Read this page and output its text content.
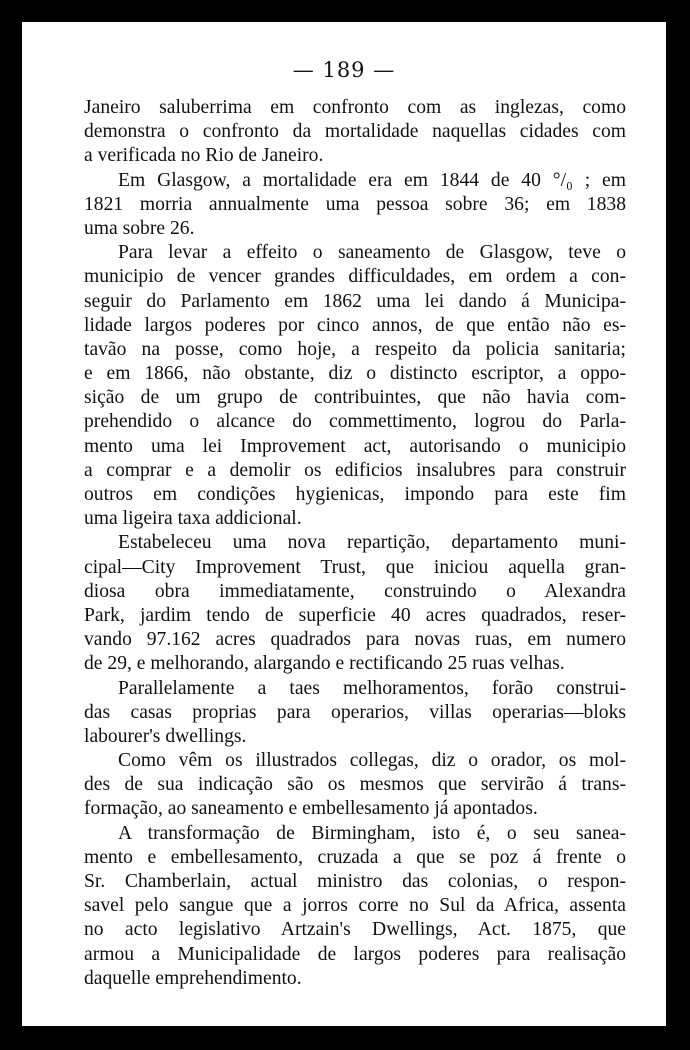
— 189 —
Janeiro saluberrima em confronto com as inglezas, como
demonstra o confronto da mortalidade naquellas cidades com
a verificada no Rio de Janeiro.
Em Glasgow, a mortalidade era em 1844 de 40 °/₀ ; em
1821 morria annualmente uma pessoa sobre 36; em 1838
uma sobre 26.
Para levar a effeito o saneamento de Glasgow, teve o
municipio de vencer grandes difficuldades, em ordem a con-
seguir do Parlamento em 1862 uma lei dando á Municipa-
lidade largos poderes por cinco annos, de que então não es-
tavão na posse, como hoje, a respeito da policia sanitaria;
e em 1866, não obstante, diz o distincto escriptor, a oppo-
sição de um grupo de contribuintes, que não havia com-
prehendido o alcance do commettimento, logrou do Parla-
mento uma lei Improvement act, autorisando o municipio
a comprar e a demolir os edificios insalubres para construir
outros em condições hygienicas, impondo para este fim
uma ligeira taxa addicional.
Estabeleceu uma nova repartição, departamento muni-
cipal—City Improvement Trust, que iniciou aquella gran-
diosa obra immediatamente, construindo o Alexandra
Park, jardim tendo de superficie 40 acres quadrados, reser-
vando 97.162 acres quadrados para novas ruas, em numero
de 29, e melhorando, alargando e rectificando 25 ruas velhas.
Parallelamente a taes melhoramentos, forão construi-
das casas proprias para operarios, villas operarias—bloks
labourer's dwellings.
Como vêm os illustrados collegas, diz o orador, os mol-
des de sua indicação são os mesmos que servirão á trans-
formação, ao saneamento e embellesamento já apontados.
A transformação de Birmingham, isto é, o seu sanea-
mento e embellesamento, cruzada a que se poz á frente o
Sr. Chamberlain, actual ministro das colonias, o respon-
savel pelo sangue que a jorros corre no Sul da Africa, assenta
no acto legislativo Artzain's Dwellings, Act. 1875, que
armou a Municipalidade de largos poderes para realisação
daquelle emprehendimento.
